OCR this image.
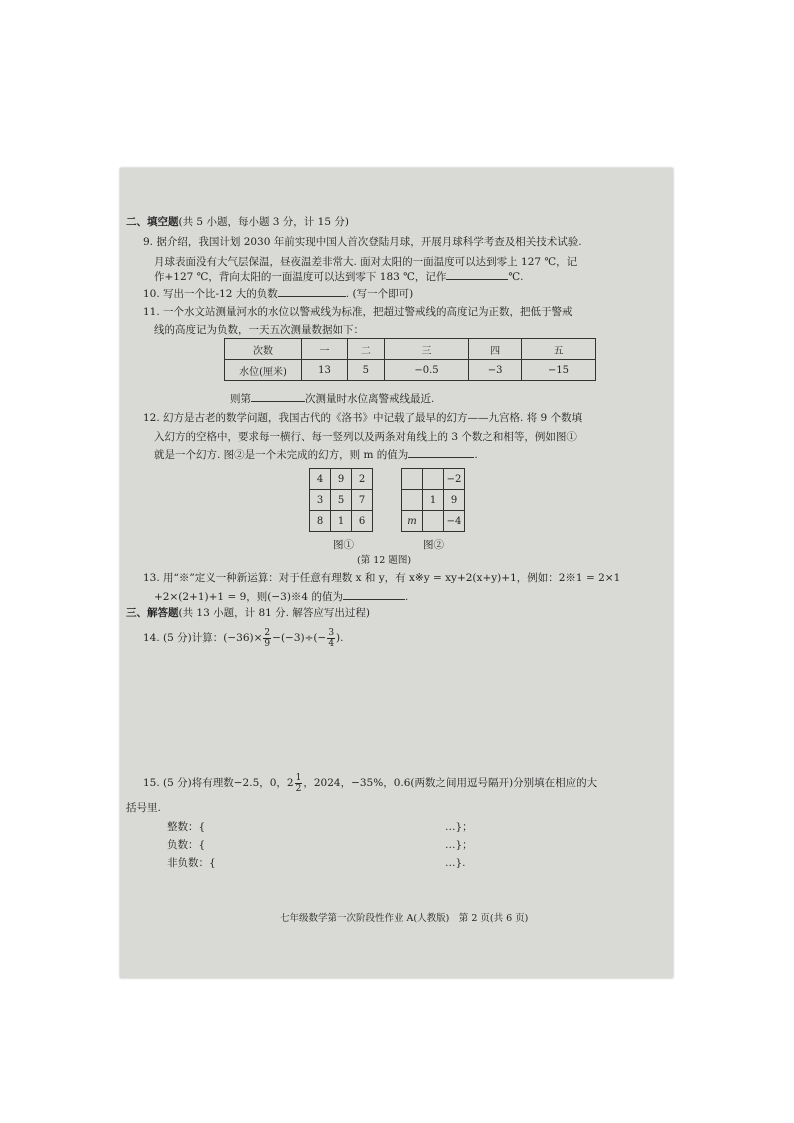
二、填空题(共 5 小题，每小题 3 分，计 15 分)
9. 据介绍，我国计划 2030 年前实现中国人首次登陆月球，开展月球科学考查及相关技术试验.
月球表面没有大气层保温，昼夜温差非常大. 面对太阳的一面温度可以达到零上 127 ℃，记
作+127 ℃，背向太阳的一面温度可以达到零下 183 ℃，记作	℃.
10. 写出一个比-12 大的负数	. (写一个即可)
11. 一个水文站测量河水的水位以警戒线为标准，把超过警戒线的高度记为正数，把低于警戒
线的高度记为负数，一天五次测量数据如下：
次数	一	二	三	四	五
水位(厘米)	13	5	−0.5	−3	−15
则第	次测量时水位离警戒线最近.
12. 幻方是古老的数学问题，我国古代的《洛书》中记载了最早的幻方——九宫格. 将 9 个数填
入幻方的空格中，要求每一横行、每一竖列以及两条对角线上的 3 个数之和相等，例如图①
就是一个幻方. 图②是一个未完成的幻方，则 m 的值为	.
4	9	2
3	5	7
8	1	6
		−2
	1	9
m		−4
图①	图②
(第 12 题图)
13. 用“※”定义一种新运算：对于任意有理数 x 和 y，有 x※y = xy+2(x+y)+1，例如：2※1 = 2×1
+2×(2+1)+1 = 9，则(−3)※4 的值为	.
三、解答题(共 13 小题，计 81 分. 解答应写出过程)
14. (5 分)计算：$(-36)\times \frac{2}{9} -(-3)\div(- \frac{3}{4}$ ).

15. (5 分)将有理数−2.5，0，$2 \frac{1}{2}$ ，2024，−35%，0.6(两数之间用逗号隔开)分别填在相应的大
括号里.
整数：{	…}；
负数：{	…}；
非负数：{	…}.
七年级数学第一次阶段性作业 A(人教版)　第 2 页(共 6 页)
